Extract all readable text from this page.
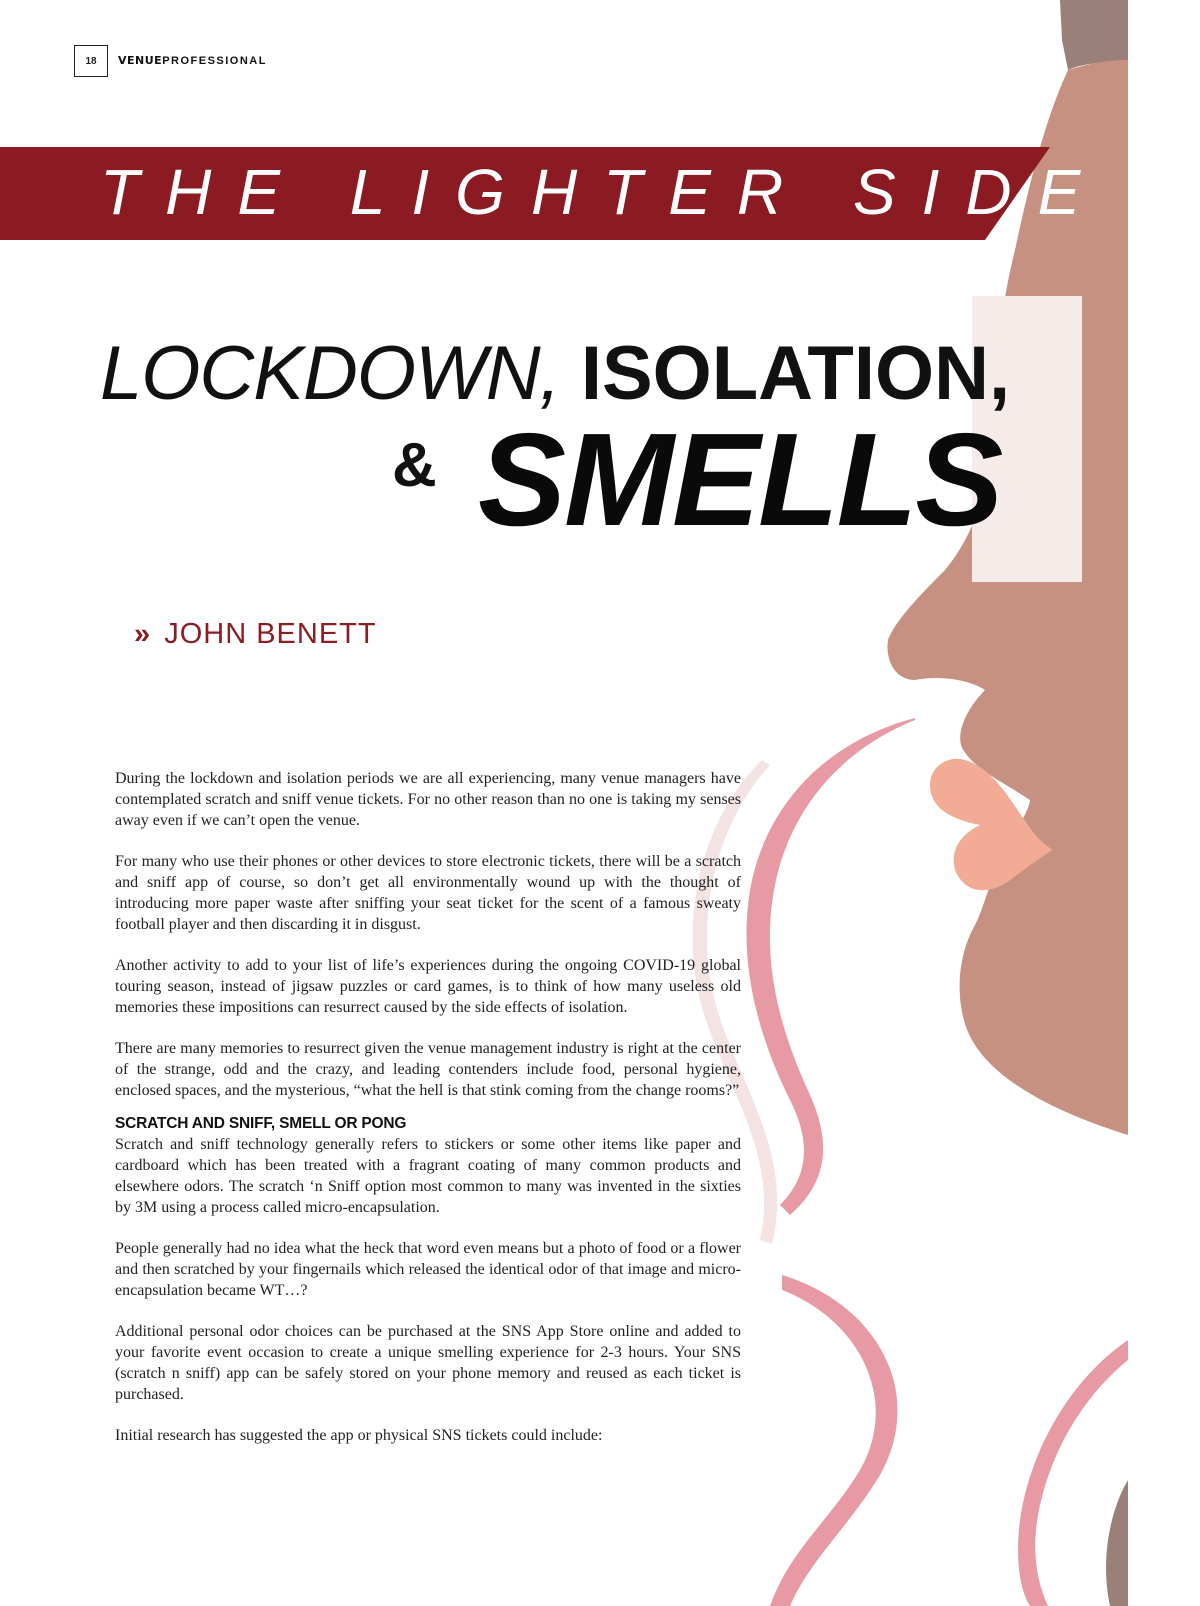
18	VENUEPROFESSIONAL
THE LIGHTER SIDE
LOCKDOWN, ISOLATION,
& SMELLS
» JOHN BENETT

During the lockdown and isolation periods we are all experiencing, many venue managers have contemplated scratch and sniff venue tickets. For no other reason than no one is taking my senses away even if we can’t open the venue.

For many who use their phones or other devices to store electronic tickets, there will be a scratch and sniff app of course, so don’t get all environmentally wound up with the thought of introducing more paper waste after sniffing your seat ticket for the scent of a famous sweaty football player and then discarding it in disgust.

Another activity to add to your list of life’s experiences during the ongoing COVID-19 global touring season, instead of jigsaw puzzles or card games, is to think of how many useless old memories these impositions can resurrect caused by the side effects of isolation.

There are many memories to resurrect given the venue management industry is right at the center of the strange, odd and the crazy, and leading contenders include food, personal hygiene, enclosed spaces, and the mysterious, “what the hell is that stink coming from the change rooms?”

SCRATCH AND SNIFF, SMELL OR PONG

Scratch and sniff technology generally refers to stickers or some other items like paper and cardboard which has been treated with a fragrant coating of many common products and elsewhere odors. The scratch ‘n Sniff option most common to many was invented in the sixties by 3M using a process called micro-encapsulation.

People generally had no idea what the heck that word even means but a photo of food or a flower and then scratched by your fingernails which released the identical odor of that image and micro-encapsulation became WT…?

Additional personal odor choices can be purchased at the SNS App Store online and added to your favorite event occasion to create a unique smelling experience for 2-3 hours. Your SNS (scratch n sniff) app can be safely stored on your phone memory and reused as each ticket is purchased.

Initial research has suggested the app or physical SNS tickets could include:
